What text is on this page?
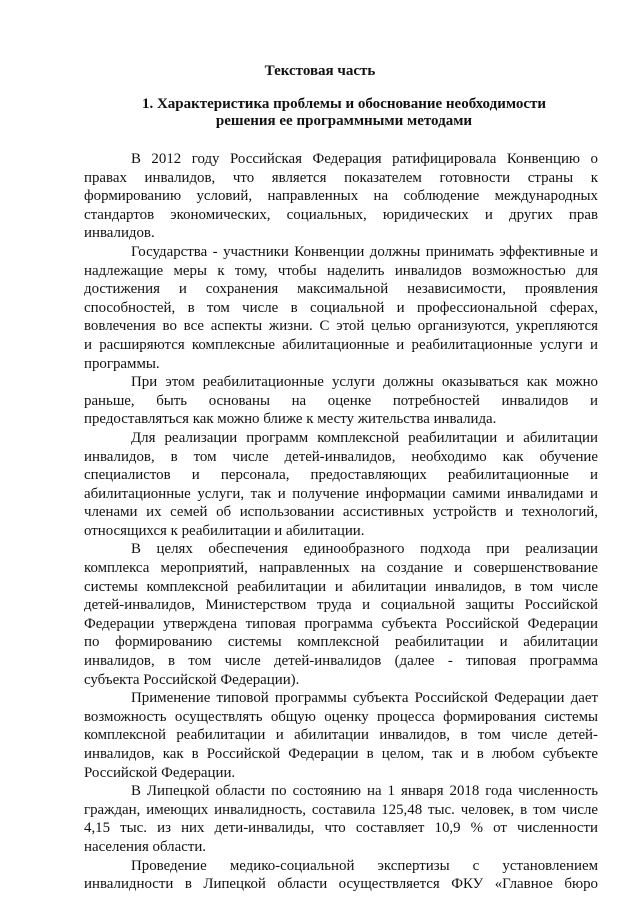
Текстовая часть
1. Характеристика проблемы и обоснование необходимости
решения ее программными методами

В 2012 году Российская Федерация ратифицировала Конвенцию о
правах инвалидов, что является показателем готовности страны к
формированию условий, направленных на соблюдение международных
стандартов экономических, социальных, юридических и других прав
инвалидов.

Государства - участники Конвенции должны принимать эффективные и
надлежащие меры к тому, чтобы наделить инвалидов возможностью для
достижения и сохранения максимальной независимости, проявления
способностей, в том числе в социальной и профессиональной сферах,
вовлечения во все аспекты жизни. С этой целью организуются, укрепляются
и расширяются комплексные абилитационные и реабилитационные услуги и
программы.

При этом реабилитационные услуги должны оказываться как можно
раньше, быть основаны на оценке потребностей инвалидов и
предоставляться как можно ближе к месту жительства инвалида.

Для реализации программ комплексной реабилитации и абилитации
инвалидов, в том числе детей-инвалидов, необходимо как обучение
специалистов и персонала, предоставляющих реабилитационные и
абилитационные услуги, так и получение информации самими инвалидами и
членами их семей об использовании ассистивных устройств и технологий,
относящихся к реабилитации и абилитации.

В целях обеспечения единообразного подхода при реализации
комплекса мероприятий, направленных на создание и совершенствование
системы комплексной реабилитации и абилитации инвалидов, в том числе
детей-инвалидов, Министерством труда и социальной защиты Российской
Федерации утверждена типовая программа субъекта Российской Федерации
по формированию системы комплексной реабилитации и абилитации
инвалидов, в том числе детей-инвалидов (далее - типовая программа
субъекта Российской Федерации).

Применение типовой программы субъекта Российской Федерации дает
возможность осуществлять общую оценку процесса формирования системы
комплексной реабилитации и абилитации инвалидов, в том числе детей-
инвалидов, как в Российской Федерации в целом, так и в любом субъекте
Российской Федерации.

В Липецкой области по состоянию на 1 января 2018 года численность
граждан, имеющих инвалидность, составила 125,48 тыс. человек, в том числе
4,15 тыс. из них дети-инвалиды, что составляет 10,9 % от численности
населения области.

Проведение медико-социальной экспертизы с установлением
инвалидности в Липецкой области осуществляется ФКУ «Главное бюро
